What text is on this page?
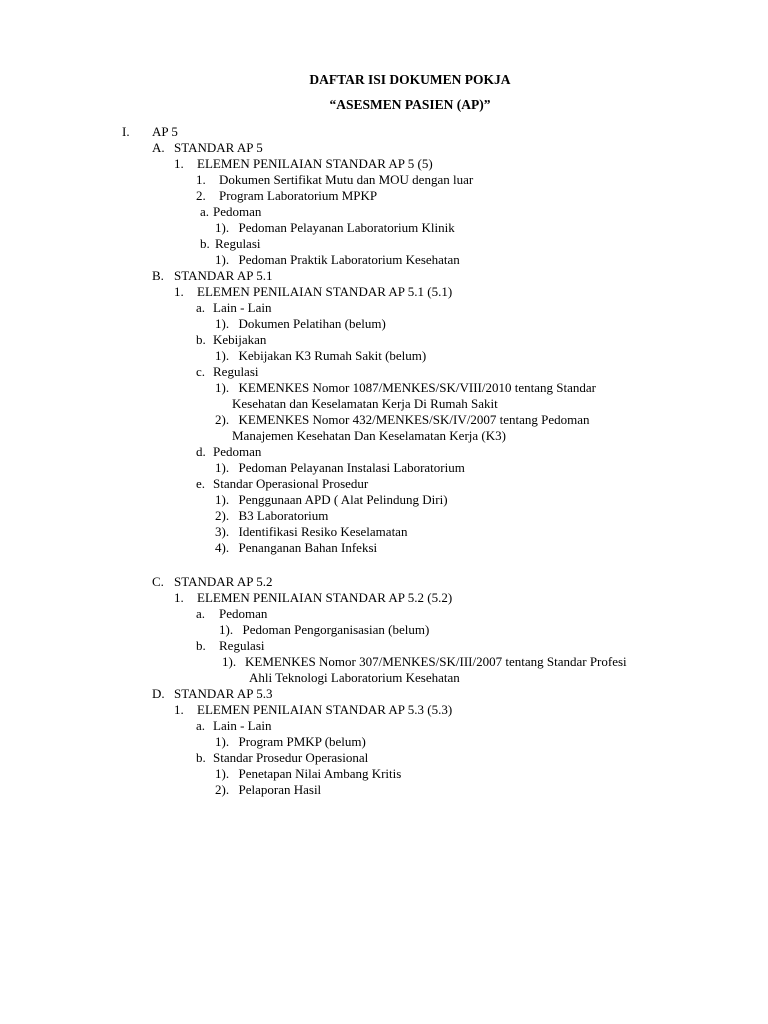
DAFTAR ISI DOKUMEN POKJA
“ASESMEN PASIEN (AP)”
I. AP 5
A. STANDAR AP 5
1. ELEMEN PENILAIAN STANDAR AP 5 (5)
1. Dokumen Sertifikat Mutu dan MOU dengan luar
2. Program Laboratorium MPKP
a. Pedoman
1). Pedoman Pelayanan Laboratorium Klinik
b. Regulasi
1). Pedoman Praktik Laboratorium Kesehatan
B. STANDAR AP 5.1
1. ELEMEN PENILAIAN STANDAR AP 5.1 (5.1)
a. Lain - Lain
1). Dokumen Pelatihan (belum)
b. Kebijakan
1). Kebijakan K3 Rumah Sakit (belum)
c. Regulasi
1). KEMENKES Nomor 1087/MENKES/SK/VIII/2010 tentang Standar
Kesehatan dan Keselamatan Kerja Di Rumah Sakit
2). KEMENKES Nomor 432/MENKES/SK/IV/2007 tentang Pedoman
Manajemen Kesehatan Dan Keselamatan Kerja (K3)
d. Pedoman
1). Pedoman Pelayanan Instalasi Laboratorium
e. Standar Operasional Prosedur
1). Penggunaan APD ( Alat Pelindung Diri)
2). B3 Laboratorium
3). Identifikasi Resiko Keselamatan
4). Penanganan Bahan Infeksi
C. STANDAR AP 5.2
1. ELEMEN PENILAIAN STANDAR AP 5.2 (5.2)
a. Pedoman
1). Pedoman Pengorganisasian (belum)
b. Regulasi
1). KEMENKES Nomor 307/MENKES/SK/III/2007 tentang Standar Profesi
Ahli Teknologi Laboratorium Kesehatan
D. STANDAR AP 5.3
1. ELEMEN PENILAIAN STANDAR AP 5.3 (5.3)
a. Lain - Lain
1). Program PMKP (belum)
b. Standar Prosedur Operasional
1). Penetapan Nilai Ambang Kritis
2). Pelaporan Hasil
